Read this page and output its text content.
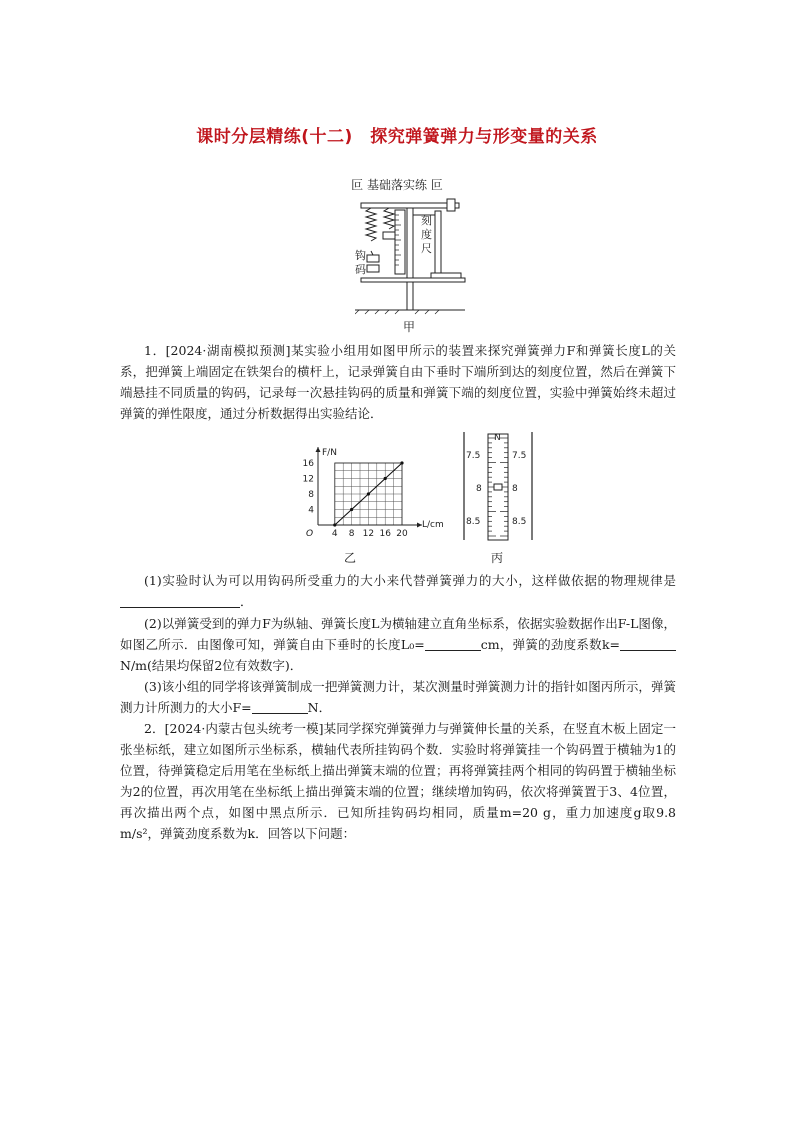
课时分层精练(十二)　探究弹簧弹力与形变量的关系
叵 基础落实练 叵
刻
度
尺
钩
码
甲

1．[2024·湖南模拟预测]某实验小组用如图甲所示的装置来探究弹簧弹力F和弹簧长度L的关系，把弹簧上端固定在铁架台的横杆上，记录弹簧自由下垂时下端所到达的刻度位置，然后在弹簧下端悬挂不同质量的钩码，记录每一次悬挂钩码的质量和弹簧下端的刻度位置，实验中弹簧始终未超过弹簧的弹性限度，通过分析数据得出实验结论．

F/N
L/cm
O 4 8 12 16 20
4
8
12
16
乙
N
7.5
8
8.5
7.5
8
8.5
丙

(1)实验时认为可以用钩码所受重力的大小来代替弹簧弹力的大小，这样做依据的物理规律是．

(2)以弹簧受到的弹力F为纵轴、弹簧长度L为横轴建立直角坐标系，依据实验数据作出F-L图像，如图乙所示．由图像可知，弹簧自由下垂时的长度L₀=	cm，弹簧的劲度系数k=N/m(结果均保留2位有效数字)．

(3)该小组的同学将该弹簧制成一把弹簧测力计，某次测量时弹簧测力计的指针如图丙所示，弹簧测力计所测力的大小F=	N．

2．[2024·内蒙古包头统考一模]某同学探究弹簧弹力与弹簧伸长量的关系，在竖直木板上固定一张坐标纸，建立如图所示坐标系，横轴代表所挂钩码个数．实验时将弹簧挂一个钩码置于横轴为1的位置，待弹簧稳定后用笔在坐标纸上描出弹簧末端的位置；再将弹簧挂两个相同的钩码置于横轴坐标为2的位置，再次用笔在坐标纸上描出弹簧末端的位置；继续增加钩码，依次将弹簧置于3、4位置，再次描出两个点，如图中黑点所示．已知所挂钩码均相同，质量m=20 g，重力加速度g取9.8 m/s²，弹簧劲度系数为k．回答以下问题：
